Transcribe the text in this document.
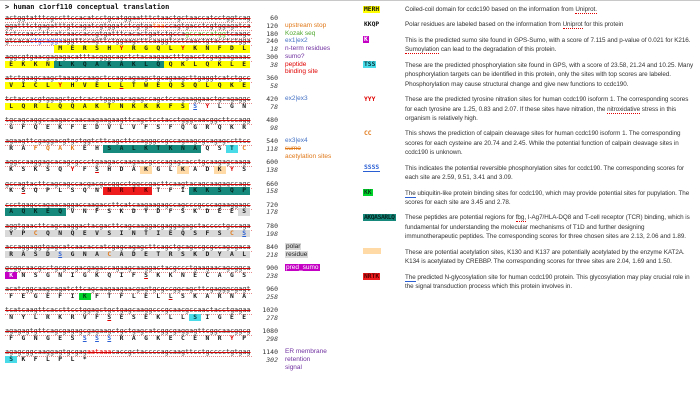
> human c1orf110 conceptual translation
actggtatttcgccttccacatcctgcatggaatttctaactgctaaccatcctggtcag	60
ggatttctgagatttgtcagatcgtggatctcgtgataaccagtgacctcgtggagatca 120 upstream stop
tctccaaccttcatcaaccaccgtgatttcacactgatctgccagccaccatggtcaagc 180 Kozak seq
gtcacactgcaggaaggttccagttctggaagcttcaaggtcctcaactgtacctctgga 240 ex1|ex2

M	E	R	S	H	Y	R	G	Q	L	Y	K	N	F	D	L	18 n-term residues
aggcgtgaacgagagacatttacgggcagctctacaagaactttgacctcgagaagaaac 300 sumo?
E	K	K	N	L	K	Q	A	K	A	K	L	Q	Q	K	L	Q	K	L	E	38 peptide
binding site
atctgaagcaagctaaagccaagctccagcagaagctgcagaagcttgaggtcatctgcc 360
V	I	C	L	Y	H	V	E	L	L	T	W	E	Q	S	Q	L	Q	K	E	58
tctaccacgtggagctgctcacctgggaacagagccagctccagaaggaactgcagaggc 420 ex2|ex3
L	Q	R	L	Q	Q	A	K	T	N	K	K	K	F	S	S	Y	L	G	N	78
tgcagcaggccaagaccaacaagaagaagttcagctcctacctgggcaacggcttccagg 480
G	F	Q	E	K	F	E	D	V	L	V	F	S	F	Q	G	R	Q	K	R	98
agaagttcgaggacgtgctggtcttcagcttccagggccgccagaagcgcagagccttcc 540 ex3|ex4
R	A	F	Q	A	K	E	H	S	A	L	K	T	K	N	A	Q	S	T	C	118 sumo
acetylation sites
aggccaaggagcacagcgccctgaagaccaagaacgcccagagcacctgcaagagcaaga 600
K	S	K	S	Q	Y	F	S	H	D	A	K	G	L	K	A	D	K	Y	S	138
gccagtacttcagcagccacgacgccggcctggccgacttcaagtacagcaagagccagc 660
K	S	Q	P	L	S	Q	N	N	R	T	K	T	F	I	K	K	S	Q	P	158
ccctgagccagaacaggaccaagaccttcatcaagaagagccagcccgcccagaaggagc 720
A	Q	K	E	Q	V	N	F	S	K	D	Y	D	F	S	K	D	E	E	S	178
aggtgaacttcagcaaggactacgacttcagcaaggacgaggagagctacccctgccaga 780
Y	P	C	Q	N	Q	E	V	S	I	N	T	I	E	Q	S	F	S	C	S	198
accaggaggtgagcatcaacaccatcgagcagagcttcagctgcagccgcgccagcgaca 840 polar
R	A	S	D	S	G	N	A	C	A	D	E	T	R	S	K	D	Y	A	L	218 residue
gcggcaacgcctgcgccgacgagaccagaagcaaggactacgccctgaagaacagcggca 900 pred_sumo
K	N	S	G	N	I	G	K	Q	I	F	S	K	K	N	E	C	A	G	S	238
acatcggcaagcagatcttcagcaagaagaacgagtgcgccggcagcttcgagggcgagt 960
F	E	G	E	F	I	K	F	T	F	L	E	L	L	S	K	A	R	N	A	258
tcatcaagttcaccttcctggagctgctgagcaaggcccgcaacgccaactacctgagaa 1020
N	Y	L	R	K	R	V	F	S	E	S	E	K	L	L	S	I	G	E	E	278
agagagtgttcagcgagagcgagaagctgctgagcatcggcgaggagttcggcaacggcg 1080
F	G	N	G	E	S	S	S	S	R	A	G	K	E	C	E	N	R	Y	P	298
agagcggcaaggagtgcgagaataaacaccgctaccccagcaagttcctgcccctgtgag 1140 ER membrane
S	K	F	L	P	L	*	302 retention
signal
MERH	Coiled-coil domain for ccdc190 based on the information from Uniprot.
KKQP	Polar residues are labeled based on the information from Uniprot for this protein
K	This is the predicted sumo site found in GPS-Sumo, with a score of 7.115 and p-value of 0.021 for K216. Sumoylation can lead to the degradation of this protein.
TSS	These are the predicted phosphorylation site found in GPS, with a score of 23.58, 21.24 and 10.25. Many phosphorylation targets can be identified in this protein, only the sites with top scores are labeled. Phosphorylation may cause structural change and give new functions to ccdc190.
YYY	These are the predicted tyrosine nitration sites for human ccdc190 isoform 1. The corresponding scores for each tyrosine are 1.25, 0.83 and 2.07. If these sites have nitration, the nitroxidative stress in this organism is relatively high.
CC	This shows the prediction of calpain cleavage sites for human ccdc190 isoform 1. The corresponding scores for each cysteine are 20.74 and 2.45. While the potential function of calpain cleavage sites in ccdc190 is unknown.
SSSS	This indicates the potential reversible phosphorylation sites for ccdc190. The corresponding scores for each site are 2.59, 9.51, 3.41 and 3.09.
KK	The ubiquitin-like protein binding sites for ccdc190, which may provide potential sites for pupylation. The scores for each site are 3.45 and 2.78.
AKQASARLQ	These peptides are potential regions for fbg, I-Ag7/HLA-DQ8 and T-cell receptor (TCR) binding, which is fundamental for understanding the molecular mechanisms of T1D and further designing immunotherapeutic peptides. The corresponding scores for three chosen sites are 2.13, 2.06 and 1.89.
These are potential acetylation sites, K130 and K137 are potentially acetylated by the enzyme KAT2A. K134 is acetylated by CREBBP. The corresponding scores for three sites are 2.04, 1.69 and 1.50.
NRTK	The predicted N-glycosylation site for human ccdc190 protein. This glycosylation may play crucial role in the signal transduction process which this protein involves in.
